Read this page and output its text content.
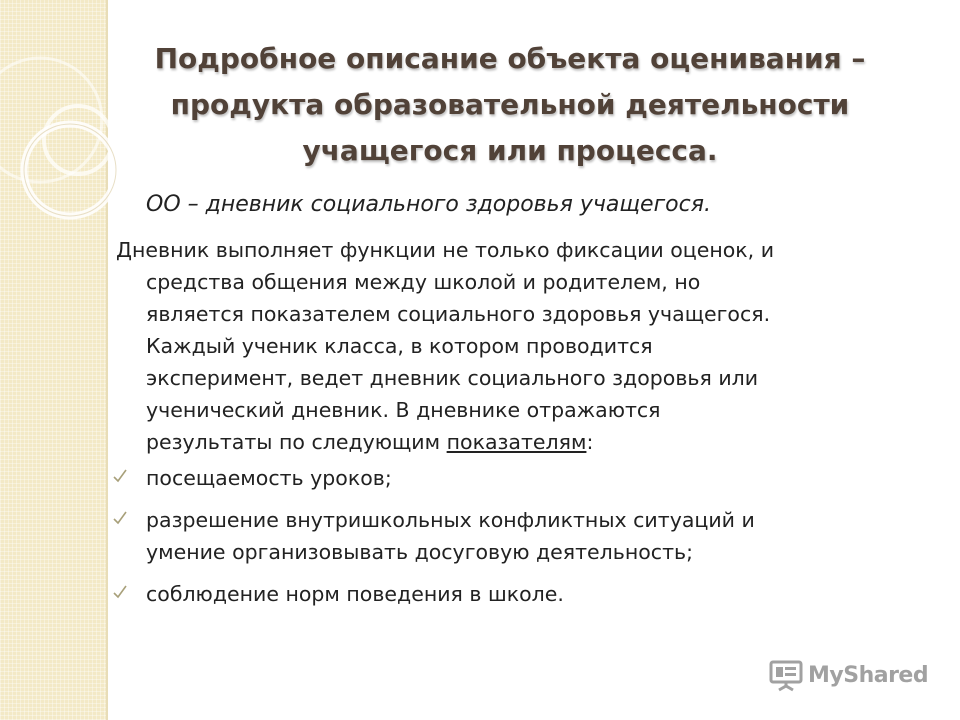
Подробное описание объекта оценивания –
продукта образовательной деятельности
учащегося или процесса.

ОО – дневник социального здоровья учащегося.

Дневник выполняет функции не только фиксации оценок, и
средства общения между школой и родителем, но
является показателем социального здоровья учащегося.
Каждый ученик класса, в котором проводится
эксперимент, ведет дневник социального здоровья или
ученический дневник. В дневнике отражаются
результаты по следующим показателям:

посещаемость уроков;
разрешение внутришкольных конфликтных ситуаций и
умение организовывать досуговую деятельность;
соблюдение норм поведения в школе.
MyShared
